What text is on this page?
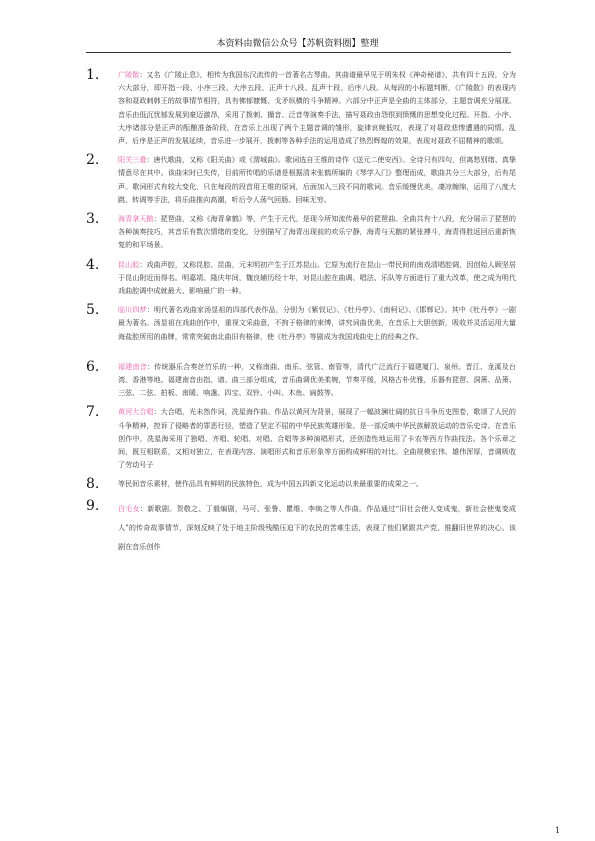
本资料由微信公众号【苏帆资料圈】整理
1.	广陵散：又名《广陵止息》，相传为我国东汉流传的一首著名古琴曲。其曲谱最早见于明朱权《神奇秘谱》，共有四十五段，分为六大部分，即开指一段、小序三段、大序五段、正声十八段、乱声十段、后序八段。从每段的小标题判断，《广陵散》的表现内容和聂政刺韩王的故事情节相符，具有怫郁慷慨、戈矛纵横的斗争精神。六部分中正声是全曲的主体部分，主题音调充分展现。音乐由低沉忧郁发展到豪迈激昂，采用了拨刺、撮音、泛音等演奏手法，描写聂政由怨恨到愤慨的思想变化过程。开指、小序、大序诸部分是正声的酝酿准备阶段，在音乐上出现了两个主题音调的雏形，旋律哀婉低叹，表现了对聂政悲惨遭遇的同情。乱声、后序是正声的发展延续，音乐进一步展开，拨刺等各种手法的运用造成了热烈辉煌的效果，表现对聂政不屈精神的歌颂。
2.	阳关三叠：唐代歌曲，又称《阳关曲》或《渭城曲》。歌词选自王维的诗作《送元二使安西》。全诗只有四句，但离愁别绪、真挚情意尽在其中。该曲宋时已失传，目前所传唱的乐谱是根据清末张鹤所编的《琴学入门》整理而成，歌曲共分三大部分，后有尾声。歌词形式有较大变化，只在每段的段首用王维的原词，后面加入三段不同的歌词。音乐缓慢优美，凄凉缠绵，运用了八度大跳、转调等手法，将乐曲推向高潮，听后令人荡气回肠、回味无穷。
3.	海青拿天鹅：琵琶曲，又称《海青拿鹤》等，产生于元代，是现今所知流传最早的琵琶曲。全曲共有十八段，充分展示了琵琶的各种演奏技巧，其音乐有数次情绪的变化，分别描写了海青出现前的欢乐宁静，海青与天鹅的紧张搏斗，海青得胜返回后重新恢复的和平场景。
4.	昆山腔：戏曲声腔，又称昆腔、昆曲，元末明初产生于江苏昆山。它原为流行在昆山一带民间的南戏清唱腔调，因创始人顾坚居于昆山附近而得名。明嘉靖、隆庆年间，魏良辅历经十年，对昆山腔在曲调、唱法、乐队等方面进行了重大改革，使之成为明代戏曲腔调中成就最大、影响最广的一种。
5.	临川四梦：明代著名戏曲家汤显祖的四部代表作品，分别为《紫钗记》、《牡丹亭》、《南柯记》、《邯郸记》。其中《牡丹亭》一剧最为著名。汤显祖在戏曲创作中，重视文采曲意，不拘于格律的束缚，讲究词曲优美，在音乐上大胆创新，吸收并灵活运用大量海盐腔所用的曲牌，常常突破南北曲旧有格律，使《牡丹亭》等剧成为我国戏曲史上的经典之作。
6.	福建南音：传统器乐合奏丝竹乐的一种，又称南曲、南乐、弦管、南管等，清代广泛流行于福建厦门、泉州、晋江、龙溪及台湾、香港等地。福建南音由指、谱、曲三部分组成，音乐曲调优美柔婉，节奏平缓，风格古朴优雅，乐器有琵琶、洞箫、品箫、三弦、二弦、拍板、南暖、响盏、四宝、双铃、小叫、木鱼、扁鼓等。
7.	黄河大合唱：大合唱，光未然作词，冼星海作曲。作品以黄河为背景，展现了一幅波澜壮阔的抗日斗争历史图卷，歌颂了人民的斗争精神，控诉了侵略者的罪恶行径，塑造了坚定不屈的中华民族英雄形象。是一部反映中华民族解放运动的音乐史诗。在音乐创作中，冼星海采用了独唱、齐唱、轮唱、对唱、合唱等多种演唱形式，还创造性地运用了卡农等西方作曲技法。各个乐章之间，既互相联系，又相对独立，在表现内容、演唱形式和音乐形象等方面构成鲜明的对比。全曲规模宏伟、雄伟浑厚，音调吸收了劳动号子
8.	等民间音乐素材，使作品具有鲜明的民族特色，成为中国五四新文化运动以来最重要的成果之一。
9.	白毛女：新歌剧。贺敬之、丁毅编剧，马可、张鲁、瞿维、李焕之等人作曲。作品通过“旧社会使人变成鬼，新社会使鬼变成人”的传奇故事情节，深刻反映了处于地主阶级残酷压迫下的农民的苦难生活，表现了他们紧跟共产党、推翻旧世界的决心。该剧在音乐创作
1
